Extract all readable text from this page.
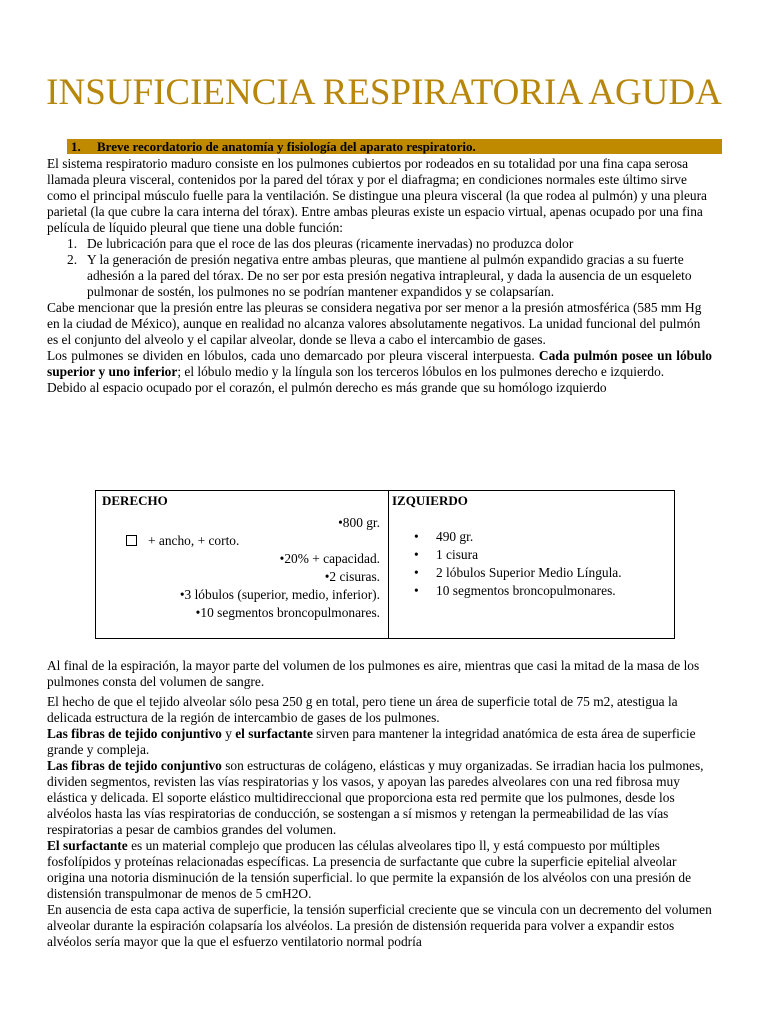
INSUFICIENCIA RESPIRATORIA AGUDA
1. Breve recordatorio de anatomía y fisiología del aparato respiratorio.

El sistema respiratorio maduro consiste en los pulmones cubiertos por rodeados en su totalidad por una fina capa serosa llamada pleura visceral, contenidos por la pared del tórax y por el diafragma; en condiciones normales este último sirve como el principal músculo fuelle para la ventilación. Se distingue una pleura visceral (la que rodea al pulmón) y una pleura parietal (la que cubre la cara interna del tórax). Entre ambas pleuras existe un espacio virtual, apenas ocupado por una fina película de líquido pleural que tiene una doble función:

1. De lubricación para que el roce de las dos pleuras (ricamente inervadas) no produzca dolor
2. Y la generación de presión negativa entre ambas pleuras, que mantiene al pulmón expandido gracias a su fuerte adhesión a la pared del tórax. De no ser por esta presión negativa intrapleural, y dada la ausencia de un esqueleto pulmonar de sostén, los pulmones no se podrían mantener expandidos y se colapsarían.

Cabe mencionar que la presión entre las pleuras se considera negativa por ser menor a la presión atmosférica (585 mm Hg en la ciudad de México), aunque en realidad no alcanza valores absolutamente negativos. La unidad funcional del pulmón es el conjunto del alveolo y el capilar alveolar, donde se lleva a cabo el intercambio de gases.

Los pulmones se dividen en lóbulos, cada uno demarcado por pleura visceral interpuesta. Cada pulmón posee un lóbulo superior y uno inferior; el lóbulo medio y la língula son los terceros lóbulos en los pulmones derecho e izquierdo.

Debido al espacio ocupado por el corazón, el pulmón derecho es más grande que su homólogo izquierdo

DERECHO
•800 gr.
+ ancho, + corto.
•20% + capacidad.
•2 cisuras.
•3 lóbulos (superior, medio, inferior).
•10 segmentos broncopulmonares.
IZQUIERDO
• 490 gr.
• 1 cisura
• 2 lóbulos Superior Medio Língula.
• 10 segmentos broncopulmonares.

Al final de la espiración, la mayor parte del volumen de los pulmones es aire, mientras que casi la mitad de la masa de los pulmones consta del volumen de sangre.

El hecho de que el tejido alveolar sólo pesa 250 g en total, pero tiene un área de superficie total de 75 m2, atestigua la delicada estructura de la región de intercambio de gases de los pulmones.

Las fibras de tejido conjuntivo y el surfactante sirven para mantener la integridad anatómica de esta área de superficie grande y compleja.

Las fibras de tejido conjuntivo son estructuras de colágeno, elásticas y muy organizadas. Se irradian hacia los pulmones, dividen segmentos, revisten las vías respiratorias y los vasos, y apoyan las paredes alveolares con una red fibrosa muy elástica y delicada. El soporte elástico multidireccional que proporciona esta red permite que los pulmones, desde los alvéolos hasta las vías respiratorias de conducción, se sostengan a sí mismos y retengan la permeabilidad de las vías respiratorias a pesar de cambios grandes del volumen.

El surfactante es un material complejo que producen las células alveolares tipo ll, y está compuesto por múltiples fosfolípidos y proteínas relacionadas específicas. La presencia de surfactante que cubre la superficie epitelial alveolar origina una notoria disminución de la tensión superficial. lo que permite la expansión de los alvéolos con una presión de distensión transpulmonar de menos de 5 cmH2O.

En ausencia de esta capa activa de superficie, la tensión superficial creciente que se vincula con un decremento del volumen alveolar durante la espiración colapsaría los alvéolos. La presión de distensión requerida para volver a expandir estos alvéolos sería mayor que la que el esfuerzo ventilatorio normal podría
